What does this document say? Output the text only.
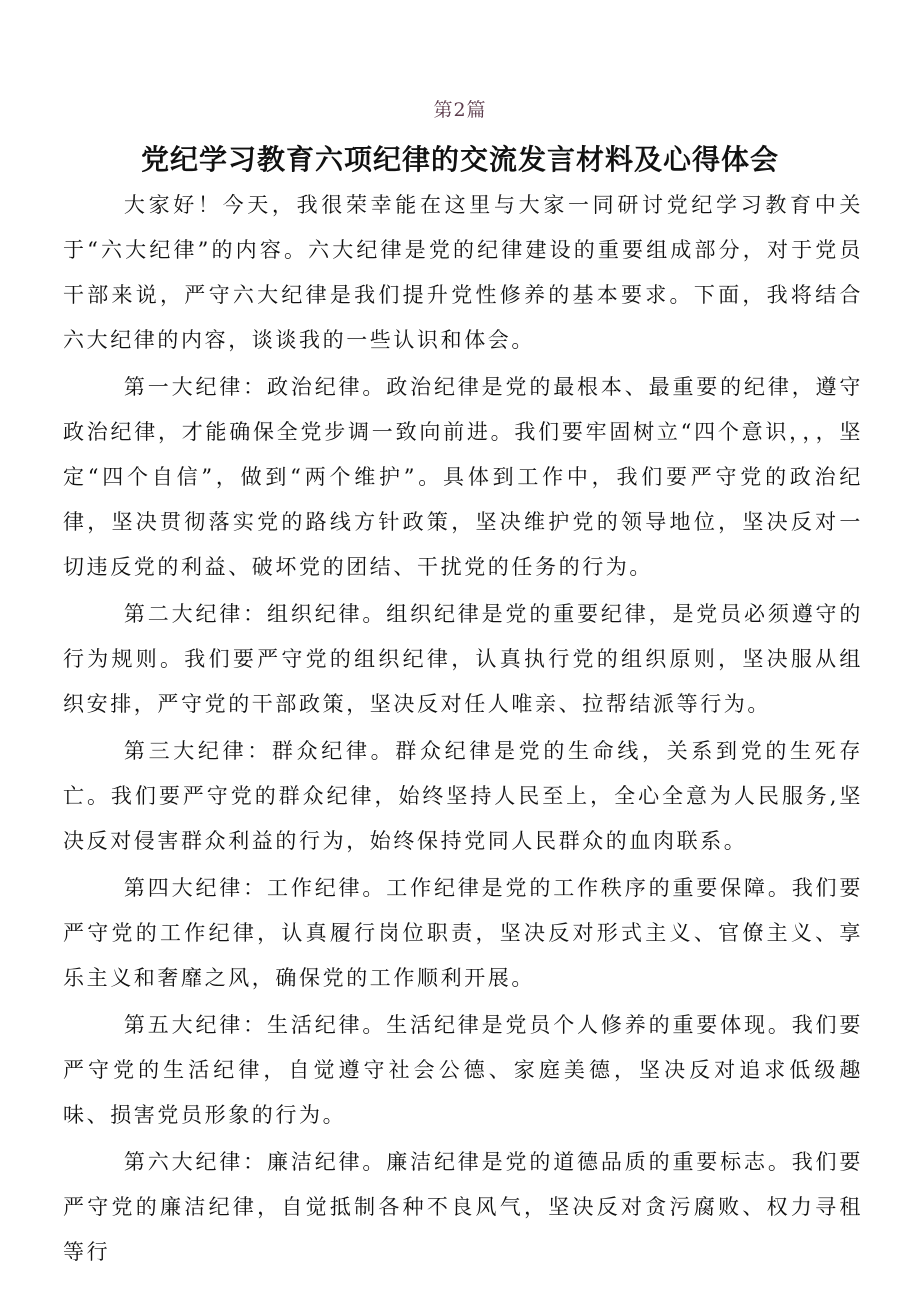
第2篇
党纪学习教育六项纪律的交流发言材料及心得体会

大家好！今天，我很荣幸能在这里与大家一同研讨党纪学习教育中关于“六大纪律”的内容。六大纪律是党的纪律建设的重要组成部分，对于党员干部来说，严守六大纪律是我们提升党性修养的基本要求。下面，我将结合六大纪律的内容，谈谈我的一些认识和体会。

第一大纪律：政治纪律。政治纪律是党的最根本、最重要的纪律，遵守政治纪律，才能确保全党步调一致向前进。我们要牢固树立“四个意识，，，坚定“四个自信”，做到“两个维护”。具体到工作中，我们要严守党的政治纪律，坚决贯彻落实党的路线方针政策，坚决维护党的领导地位，坚决反对一切违反党的利益、破坏党的团结、干扰党的任务的行为。

第二大纪律：组织纪律。组织纪律是党的重要纪律，是党员必须遵守的行为规则。我们要严守党的组织纪律，认真执行党的组织原则，坚决服从组织安排，严守党的干部政策，坚决反对任人唯亲、拉帮结派等行为。

第三大纪律：群众纪律。群众纪律是党的生命线，关系到党的生死存亡。我们要严守党的群众纪律，始终坚持人民至上，全心全意为人民服务,坚决反对侵害群众利益的行为，始终保持党同人民群众的血肉联系。

第四大纪律：工作纪律。工作纪律是党的工作秩序的重要保障。我们要严守党的工作纪律，认真履行岗位职责，坚决反对形式主义、官僚主义、享乐主义和奢靡之风，确保党的工作顺利开展。

第五大纪律：生活纪律。生活纪律是党员个人修养的重要体现。我们要严守党的生活纪律，自觉遵守社会公德、家庭美德，坚决反对追求低级趣味、损害党员形象的行为。

第六大纪律：廉洁纪律。廉洁纪律是党的道德品质的重要标志。我们要严守党的廉洁纪律，自觉抵制各种不良风气，坚决反对贪污腐败、权力寻租等行
